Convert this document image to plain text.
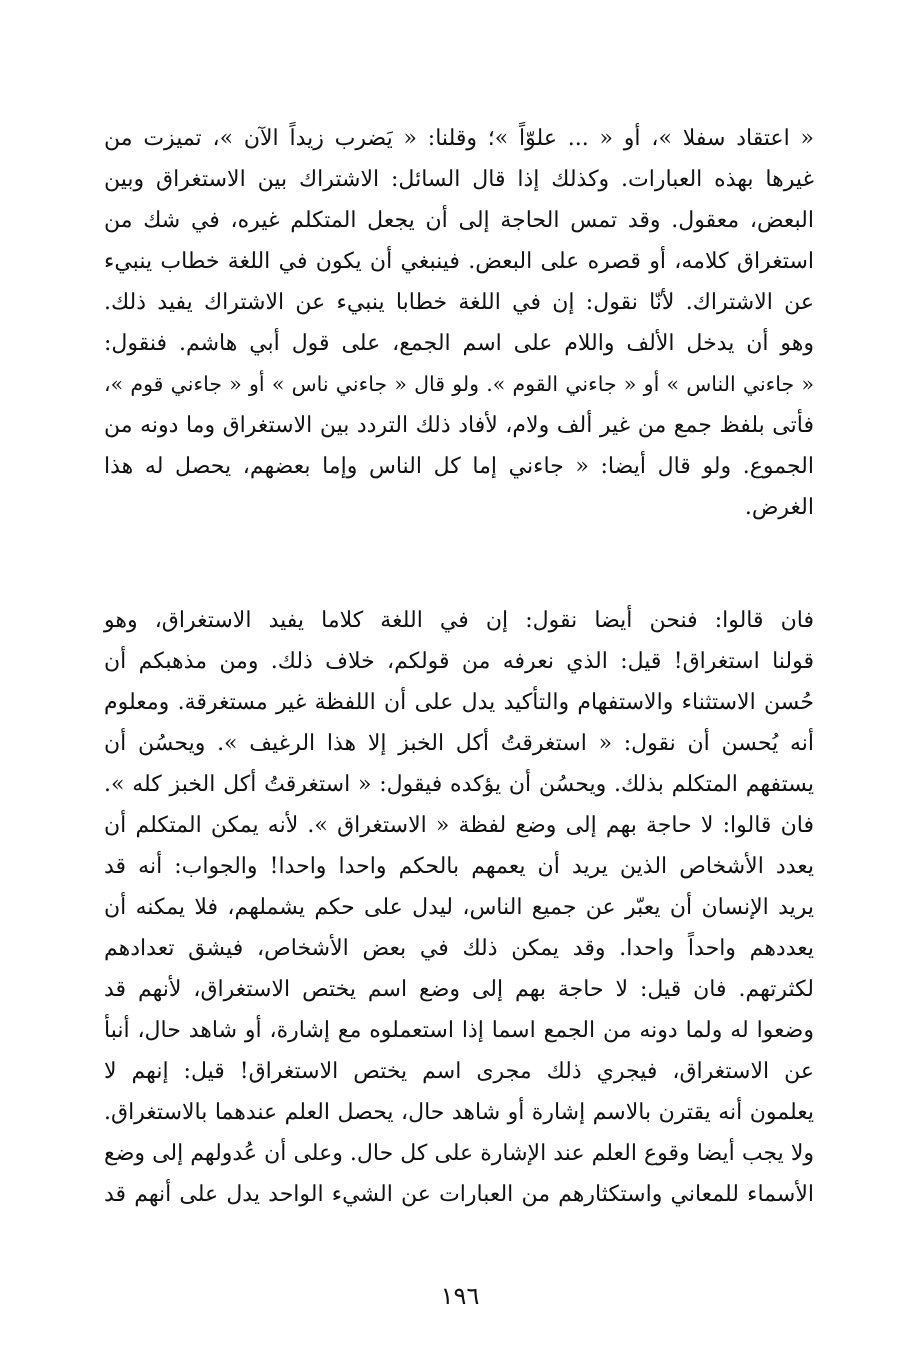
« اعتقاد سفلا »، أو « ... علوّاً »؛ وقلنا: « يَضرب زيداً الآن »، تميزت من
غيرها بهذه العبارات. وكذلك إذا قال السائل: الاشتراك بين الاستغراق وبين
البعض، معقول. وقد تمس الحاجة إلى أن يجعل المتكلم غيره، في شك من
استغراق كلامه، أو قصره على البعض. فينبغي أن يكون في اللغة خطاب ينبيء
عن الاشتراك. لأنّا نقول: إن في اللغة خطابا ينبيء عن الاشتراك يفيد ذلك.
وهو أن يدخل الألف واللام على اسم الجمع، على قول أبي هاشم. فنقول:
« جاءني الناس » أو « جاءني القوم ». ولو قال « جاءني ناس » أو « جاءني قوم »،
فأتى بلفظ جمع من غير ألف ولام، لأفاد ذلك التردد بين الاستغراق وما دونه من
الجموع. ولو قال أيضا: « جاءني إما كل الناس وإما بعضهم، يحصل له هذا
الغرض.
فان قالوا: فنحن أيضا نقول: إن في اللغة كلاما يفيد الاستغراق، وهو
قولنا استغراق! قيل: الذي نعرفه من قولكم، خلاف ذلك. ومن مذهبكم أن
حُسن الاستثناء والاستفهام والتأكيد يدل على أن اللفظة غير مستغرقة. ومعلوم
أنه يُحسن أن نقول: « استغرقتُ أكل الخبز إلا هذا الرغيف ». ويحسُن أن
يستفهم المتكلم بذلك. ويحسُن أن يؤكده فيقول: « استغرقتُ أكل الخبز كله ».
فان قالوا: لا حاجة بهم إلى وضع لفظة « الاستغراق ». لأنه يمكن المتكلم أن
يعدد الأشخاص الذين يريد أن يعمهم بالحكم واحدا واحدا! والجواب: أنه قد
يريد الإنسان أن يعبّر عن جميع الناس، ليدل على حكم يشملهم، فلا يمكنه أن
يعددهم واحداً واحدا. وقد يمكن ذلك في بعض الأشخاص، فيشق تعدادهم
لكثرتهم. فان قيل: لا حاجة بهم إلى وضع اسم يختص الاستغراق، لأنهم قد
وضعوا له ولما دونه من الجمع اسما إذا استعملوه مع إشارة، أو شاهد حال، أنبأ
عن الاستغراق، فيجري ذلك مجرى اسم يختص الاستغراق! قيل: إنهم لا
يعلمون أنه يقترن بالاسم إشارة أو شاهد حال، يحصل العلم عندهما بالاستغراق.
ولا يجب أيضا وقوع العلم عند الإشارة على كل حال. وعلى أن عُدولهم إلى وضع
الأسماء للمعاني واستكثارهم من العبارات عن الشيء الواحد يدل على أنهم قد
١٩٦
